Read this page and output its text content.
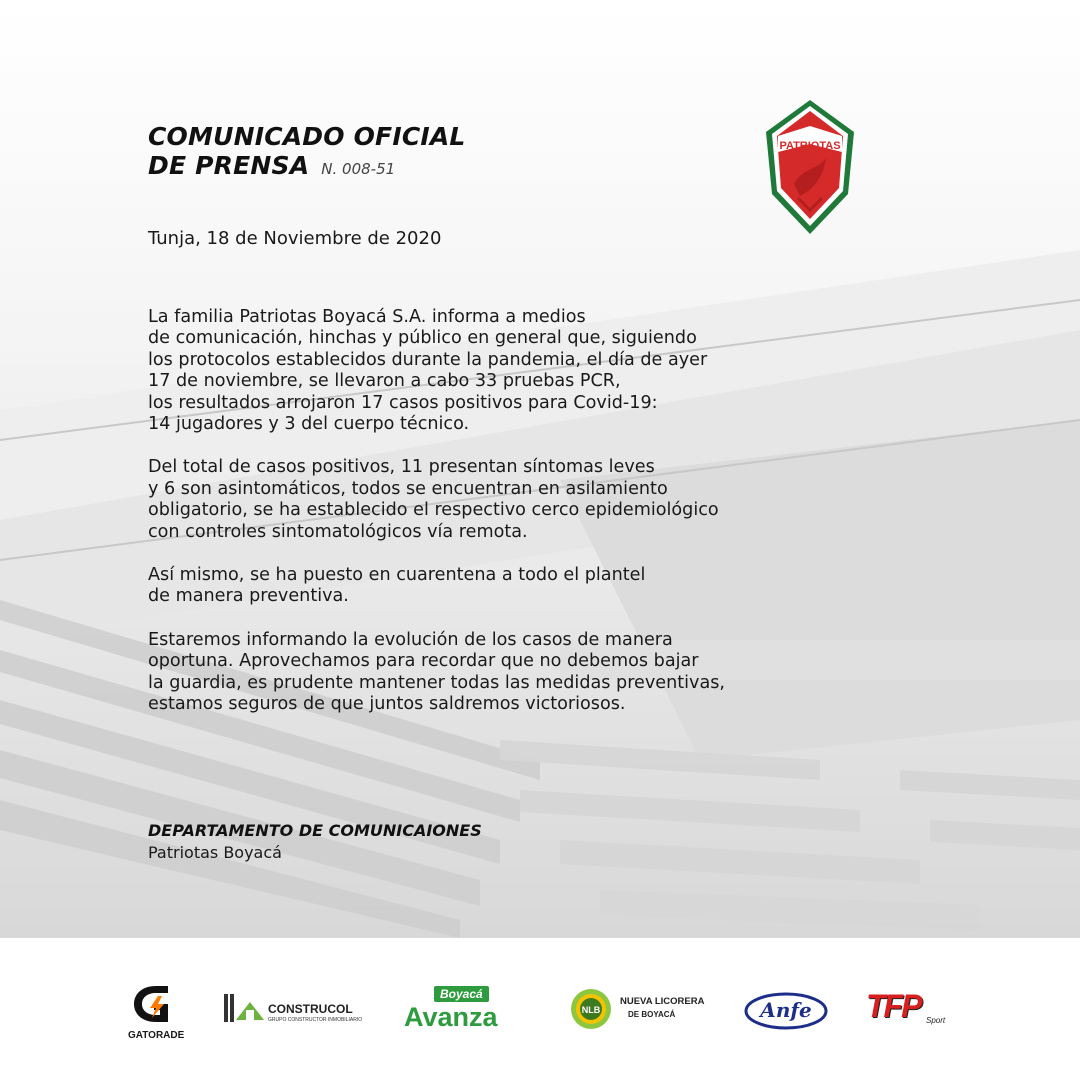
COMUNICADO OFICIAL
DE PRENSA N. 008-51
PATRIOTAS
Tunja, 18 de Noviembre de 2020

La familia Patriotas Boyacá S.A. informa a medios
de comunicación, hinchas y público en general que, siguiendo
los protocolos establecidos durante la pandemia, el día de ayer
17 de noviembre, se llevaron a cabo 33 pruebas PCR,
los resultados arrojaron 17 casos positivos para Covid-19:
14 jugadores y 3 del cuerpo técnico.

Del total de casos positivos, 11 presentan síntomas leves
y 6 son asintomáticos, todos se encuentran en asilamiento
obligatorio, se ha establecido el respectivo cerco epidemiológico
con controles sintomatológicos vía remota.

Así mismo, se ha puesto en cuarentena a todo el plantel
de manera preventiva.

Estaremos informando la evolución de los casos de manera
oportuna. Aprovechamos para recordar que no debemos bajar
la guardia, es prudente mantener todas las medidas preventivas,
estamos seguros de que juntos saldremos victoriosos.

DEPARTAMENTO DE COMUNICAIONES
Patriotas Boyacá
GATORADE
CONSTRUCOL
GRUPO CONSTRUCTOR INMOBILIARIO
Boyacá
Avanza	NLB
NUEVA LICORERA
DE BOYACÁ	Anfe	TFP Sport
